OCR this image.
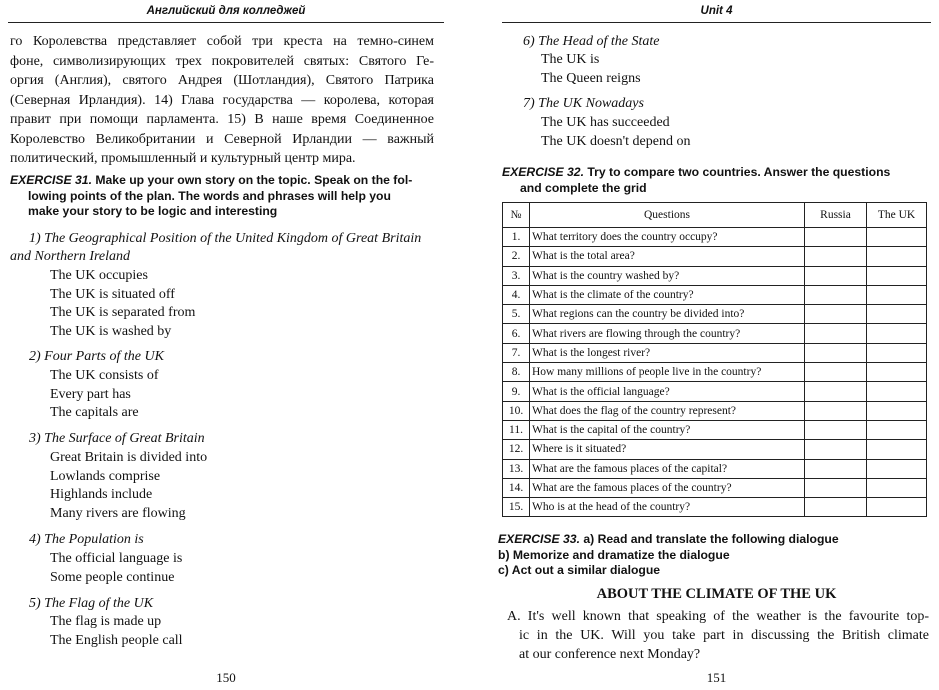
Английский для колледжей
го Королевства представляет собой три креста на темно-синем
фоне, символизирующих трех покровителей святых: Святого Ге-
оргия (Англия), святого Андрея (Шотландия), Святого Патрика
(Северная Ирландия). 14) Глава государства — королева, которая
правит при помощи парламента. 15) В наше время Соединенное
Королевство Великобритании и Северной Ирландии — важный
политический, промышленный и культурный центр мира.
EXERCISE 31. Make up your own story on the topic. Speak on the fol-
lowing points of the plan. The words and phrases will help you
make your story to be logic and interesting
1) The Geographical Position of the United Kingdom of Great Britain
and Northern Ireland
The UK occupies
The UK is situated off
The UK is separated from
The UK is washed by
2) Four Parts of the UK
The UK consists of
Every part has
The capitals are
3) The Surface of Great Britain
Great Britain is divided into
Lowlands comprise
Highlands include
Many rivers are flowing
4) The Population is
The official language is
Some people continue
5) The Flag of the UK
The flag is made up
The English people call
150
Unit 4
6) The Head of the State
The UK is
The Queen reigns
7) The UK Nowadays
The UK has succeeded
The UK doesn't depend on
EXERCISE 32. Try to compare two countries. Answer the questions
and complete the grid
№	Questions	Russia	The UK
1.	What territory does the country occupy?		
2.	What is the total area?		
3.	What is the country washed by?		
4.	What is the climate of the country?		
5.	What regions can the country be divided into?		
6.	What rivers are flowing through the country?		
7.	What is the longest river?		
8.	How many millions of people live in the country?		
9.	What is the official language?		
10.	What does the flag of the country represent?		
11.	What is the capital of the country?		
12.	Where is it situated?		
13.	What are the famous places of the capital?		
14.	What are the famous places of the country?		
15.	Who is at the head of the country?		
EXERCISE 33. a) Read and translate the following dialogue
b) Memorize and dramatize the dialogue
c) Act out a similar dialogue
ABOUT THE CLIMATE OF THE UK
A. It's well known that speaking of the weather is the favourite top-
ic in the UK. Will you take part in discussing the British climate
at our conference next Monday?
151
